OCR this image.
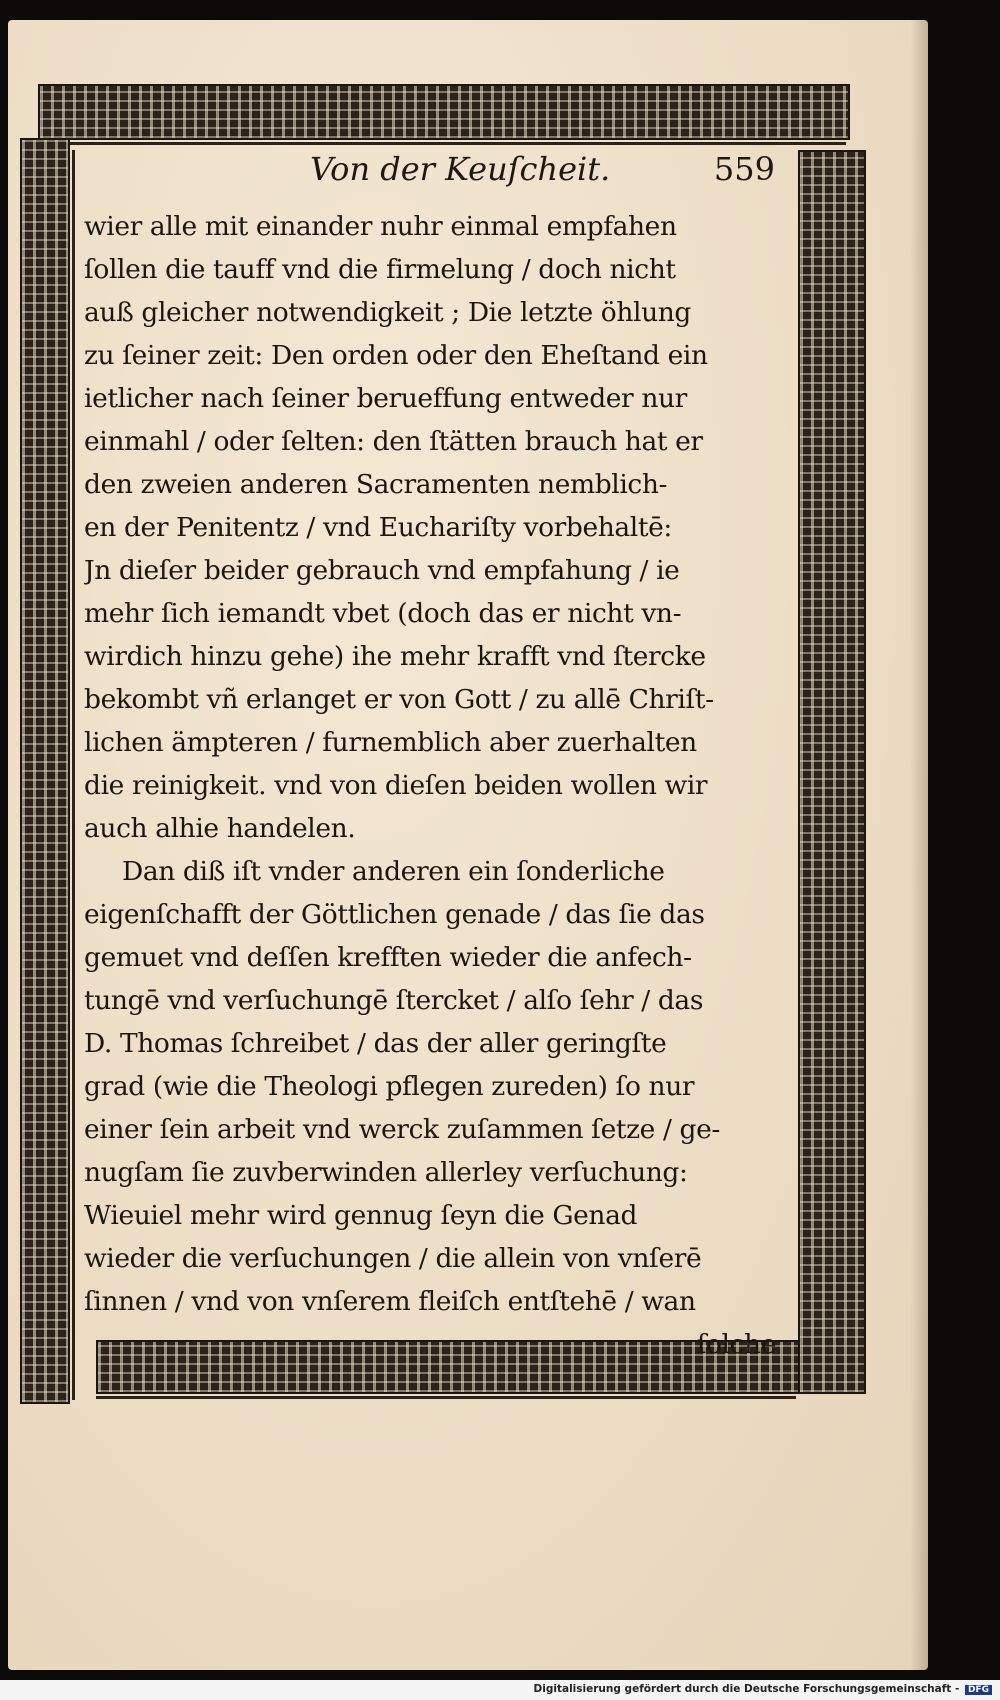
Von der Keuſcheit.	559
wier alle mit einander nuhr einmal empfahen
ſollen die tauff vnd die firmelung / doch nicht
auß gleicher notwendigkeit ; Die letzte öhlung
zu ſeiner zeit: Den orden oder den Eheſtand ein
ietlicher nach ſeiner berueffung entweder nur
einmahl / oder ſelten: den ſtätten brauch hat er
den zweien anderen Sacramenten nemblich-
en der Penitentz / vnd Euchariſty vorbehaltē:
Jn dieſer beider gebrauch vnd empfahung / ie
mehr ſich iemandt vbet (doch das er nicht vn-
wirdich hinzu gehe) ihe mehr krafft vnd ſtercke
bekombt vñ erlanget er von Gott / zu allē Chriſt-
lichen ämpteren / furnemblich aber zuerhalten
die reinigkeit. vnd von dieſen beiden wollen wir
auch alhie handelen.
Dan diß iſt vnder anderen ein ſonderliche
eigenſchafft der Göttlichen genade / das ſie das
gemuet vnd deſſen krefften wieder die anfech-
tungē vnd verſuchungē ſtercket / alſo ſehr / das
D. Thomas ſchreibet / das der aller geringſte
grad (wie die Theologi pflegen zureden) ſo nur
einer ſein arbeit vnd werck zuſammen ſetze / ge-
nugſam ſie zuvberwinden allerley verſuchung:
Wieuiel mehr wird gennug ſeyn die Genad
wieder die verſuchungen / die allein von vnſerē
ſinnen / vnd von vnſerem fleiſch entſtehē / wan
ſolche
Digitalisierung gefördert durch die Deutsche Forschungsgemeinschaft - DFG
